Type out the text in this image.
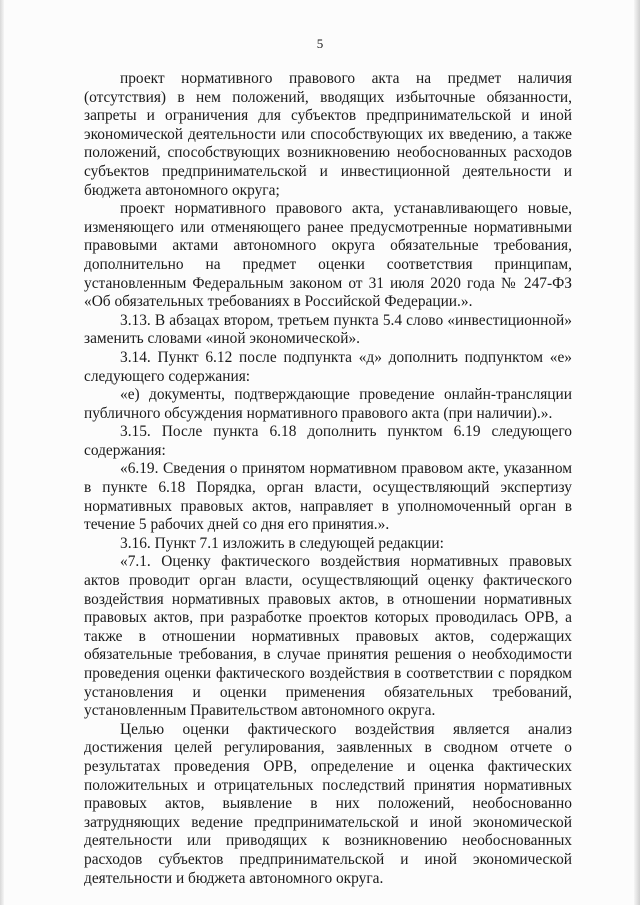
5

проект нормативного правового акта на предмет наличия (отсутствия) в нем положений, вводящих избыточные обязанности, запреты и ограничения для субъектов предпринимательской и иной экономической деятельности или способствующих их введению, а также положений, способствующих возникновению необоснованных расходов субъектов предпринимательской и инвестиционной деятельности и бюджета автономного округа;

проект нормативного правового акта, устанавливающего новые, изменяющего или отменяющего ранее предусмотренные нормативными правовыми актами автономного округа обязательные требования, дополнительно на предмет оценки соответствия принципам, установленным Федеральным законом от 31 июля 2020 года № 247-ФЗ «Об обязательных требованиях в Российской Федерации.».

3.13. В абзацах втором, третьем пункта 5.4 слово «инвестиционной» заменить словами «иной экономической».

3.14. Пункт 6.12 после подпункта «д» дополнить подпунктом «е» следующего содержания:

«е) документы, подтверждающие проведение онлайн-трансляции публичного обсуждения нормативного правового акта (при наличии).».

3.15. После пункта 6.18 дополнить пунктом 6.19 следующего содержания:

«6.19. Сведения о принятом нормативном правовом акте, указанном в пункте 6.18 Порядка, орган власти, осуществляющий экспертизу нормативных правовых актов, направляет в уполномоченный орган в течение 5 рабочих дней со дня его принятия.».

3.16. Пункт 7.1 изложить в следующей редакции:

«7.1. Оценку фактического воздействия нормативных правовых актов проводит орган власти, осуществляющий оценку фактического воздействия нормативных правовых актов, в отношении нормативных правовых актов, при разработке проектов которых проводилась ОРВ, а также в отношении нормативных правовых актов, содержащих обязательные требования, в случае принятия решения о необходимости проведения оценки фактического воздействия в соответствии с порядком установления и оценки применения обязательных требований, установленным Правительством автономного округа.

Целью оценки фактического воздействия является анализ достижения целей регулирования, заявленных в сводном отчете о результатах проведения ОРВ, определение и оценка фактических положительных и отрицательных последствий принятия нормативных правовых актов, выявление в них положений, необоснованно затрудняющих ведение предпринимательской и иной экономической деятельности или приводящих к возникновению необоснованных расходов субъектов предпринимательской и иной экономической деятельности и бюджета автономного округа.
